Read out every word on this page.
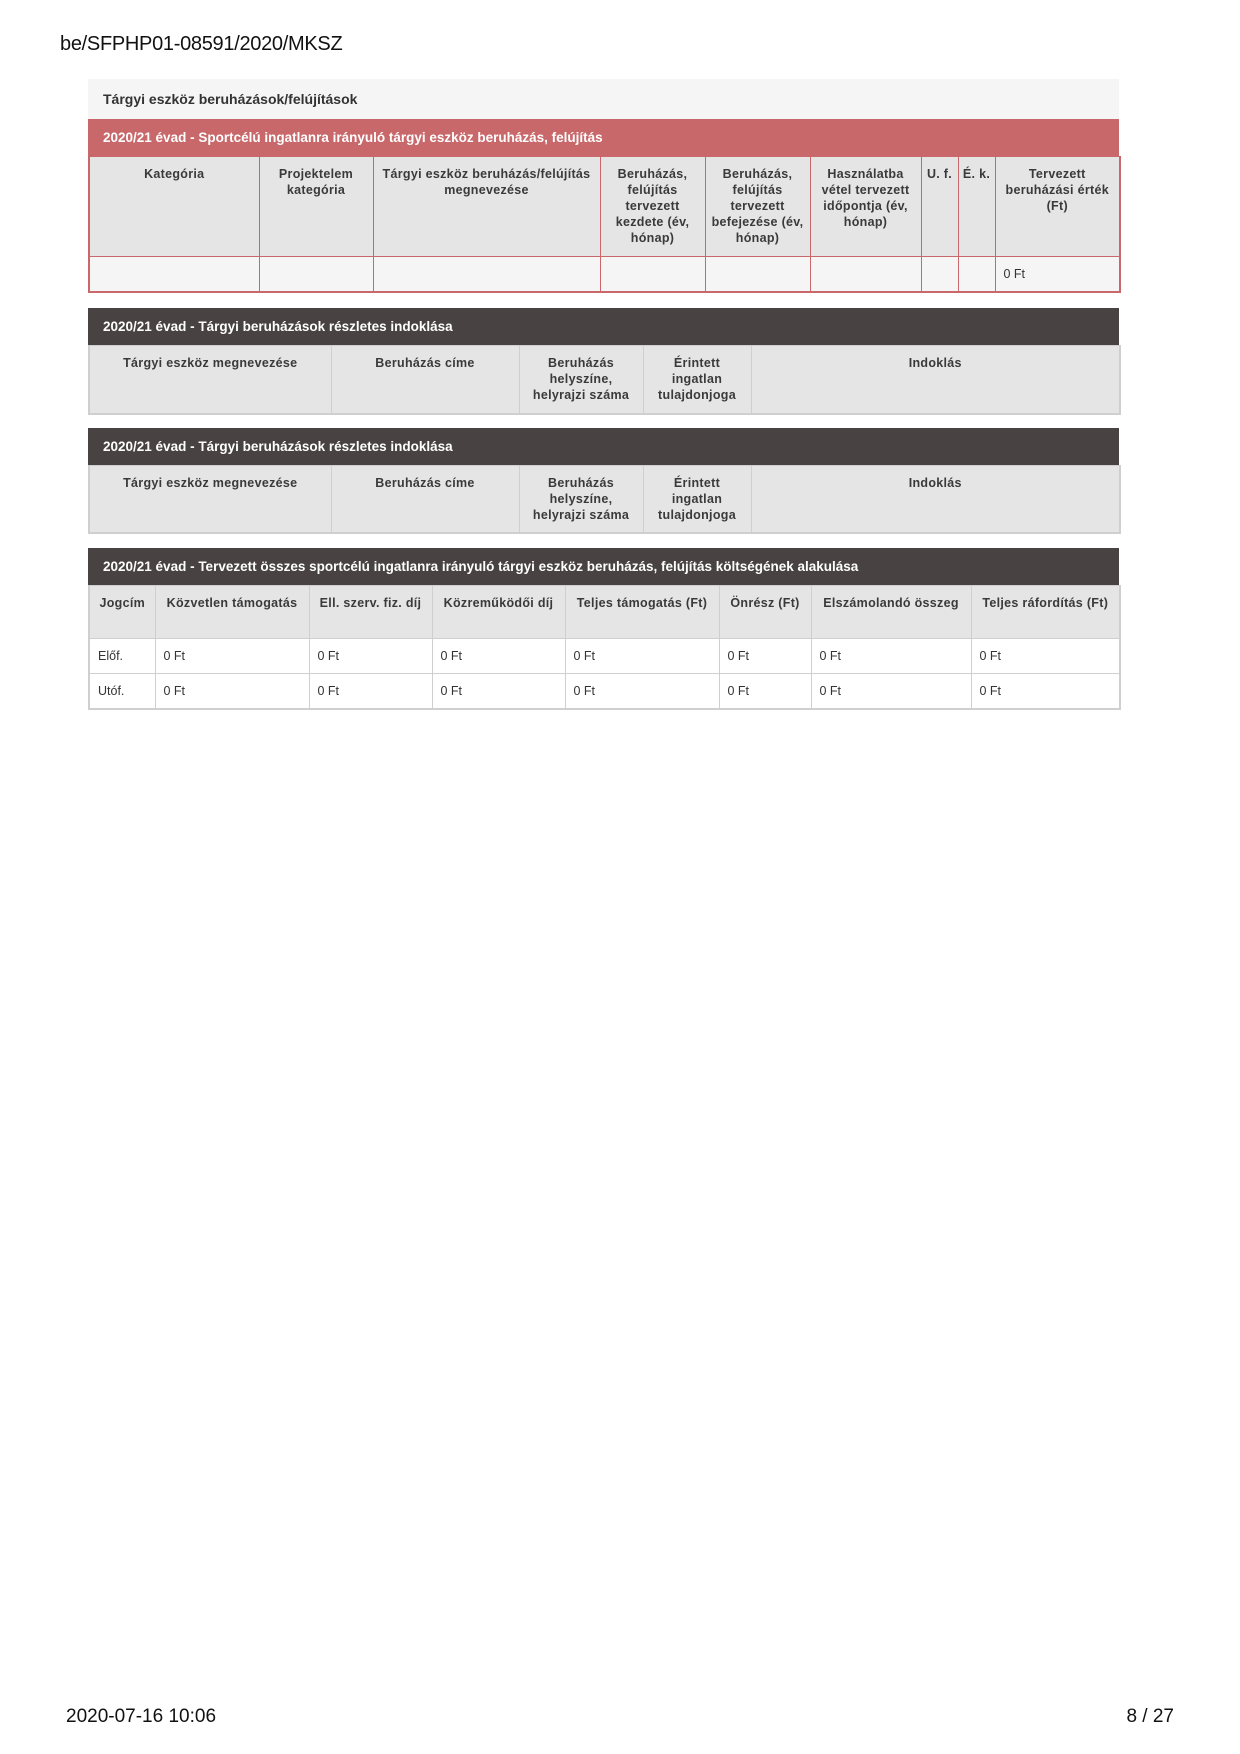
be/SFPHP01-08591/2020/MKSZ
Tárgyi eszköz beruházások/felújítások
2020/21 évad - Sportcélú ingatlanra irányuló tárgyi eszköz beruházás, felújítás
Kategória	Projektelem kategória	Tárgyi eszköz beruházás/felújítás megnevezése	Beruházás, felújítás tervezett kezdete (év, hónap)	Beruházás, felújítás tervezett befejezése (év, hónap)	Használatba vétel tervezett időpontja (év, hónap)	U. f.	É. k.	Tervezett beruházási érték (Ft)
								0 Ft
2020/21 évad - Tárgyi beruházások részletes indoklása
Tárgyi eszköz megnevezése	Beruházás címe	Beruházás helyszíne, helyrajzi száma	Érintett ingatlan tulajdonjoga	Indoklás
2020/21 évad - Tárgyi beruházások részletes indoklása
Tárgyi eszköz megnevezése	Beruházás címe	Beruházás helyszíne, helyrajzi száma	Érintett ingatlan tulajdonjoga	Indoklás
2020/21 évad - Tervezett összes sportcélú ingatlanra irányuló tárgyi eszköz beruházás, felújítás költségének alakulása
Jogcím	Közvetlen támogatás	Ell. szerv. fiz. díj	Közreműködői díj	Teljes támogatás (Ft)	Önrész (Ft)	Elszámolandó összeg	Teljes ráfordítás (Ft)
Előf.	0 Ft	0 Ft	0 Ft	0 Ft	0 Ft	0 Ft	0 Ft
Utóf.	0 Ft	0 Ft	0 Ft	0 Ft	0 Ft	0 Ft	0 Ft
2020-07-16 10:06	8 / 27
